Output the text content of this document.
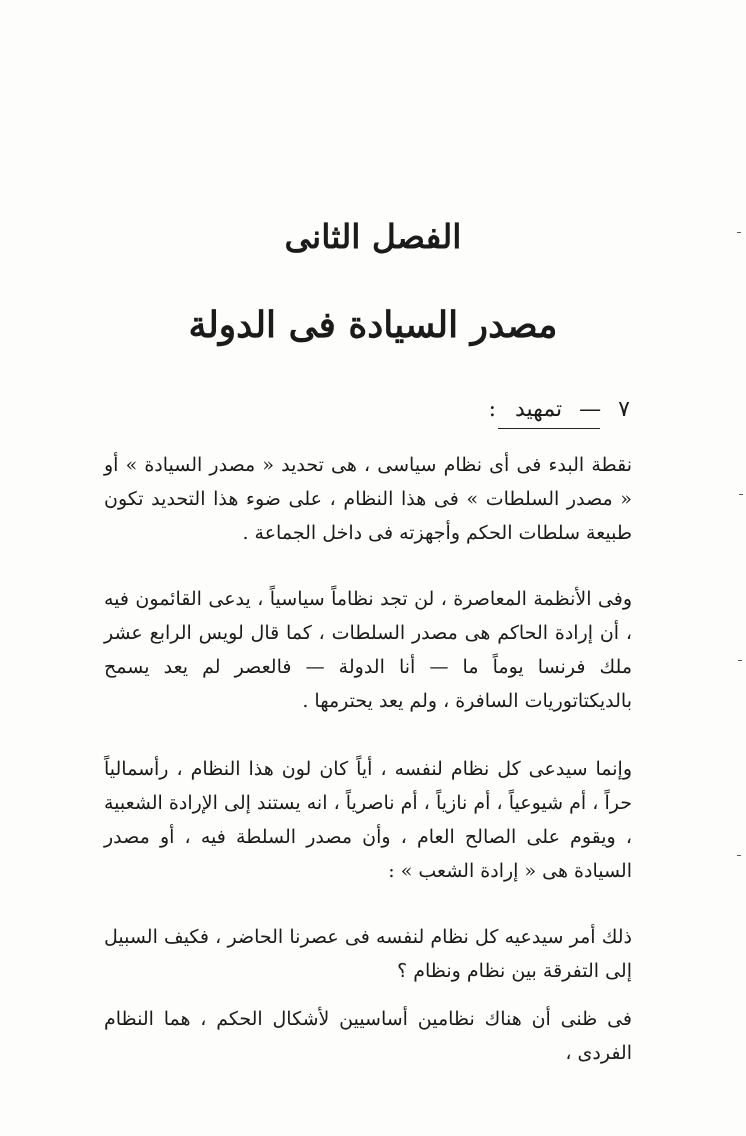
الفصل الثانى
مصدر السيادة فى الدولة
٧ — تمهيد :

نقطة البدء فى أى نظام سياسى ، هى تحديد « مصدر السيادة » أو « مصدر السلطات » فى هذا النظام ، على ضوء هذا التحديد تكون طبيعة سلطات الحكم وأجهزته فى داخل الجماعة .

وفى الأنظمة المعاصرة ، لن تجد نظاماً سياسياً ، يدعى القائمون فيه ، أن إرادة الحاكم هى مصدر السلطات ، كما قال لويس الرابع عشر ملك فرنسا يوماً ما — أنا الدولة — فالعصر لم يعد يسمح بالديكتاتوريات السافرة ، ولم يعد يحترمها .

وإنما سيدعى كل نظام لنفسه ، أياً كان لون هذا النظام ، رأسمالياً حراً ، أم شيوعياً ، أم نازياً ، أم ناصرياً ، انه يستند إلى الإرادة الشعبية ، ويقوم على الصالح العام ، وأن مصدر السلطة فيه ، أو مصدر السيادة هى « إرادة الشعب » :

ذلك أمر سيدعيه كل نظام لنفسه فى عصرنا الحاضر ، فكيف السبيل إلى التفرقة بين نظام ونظام ؟

فى ظنى أن هناك نظامين أساسيين لأشكال الحكم ، هما النظام الفردى ،
